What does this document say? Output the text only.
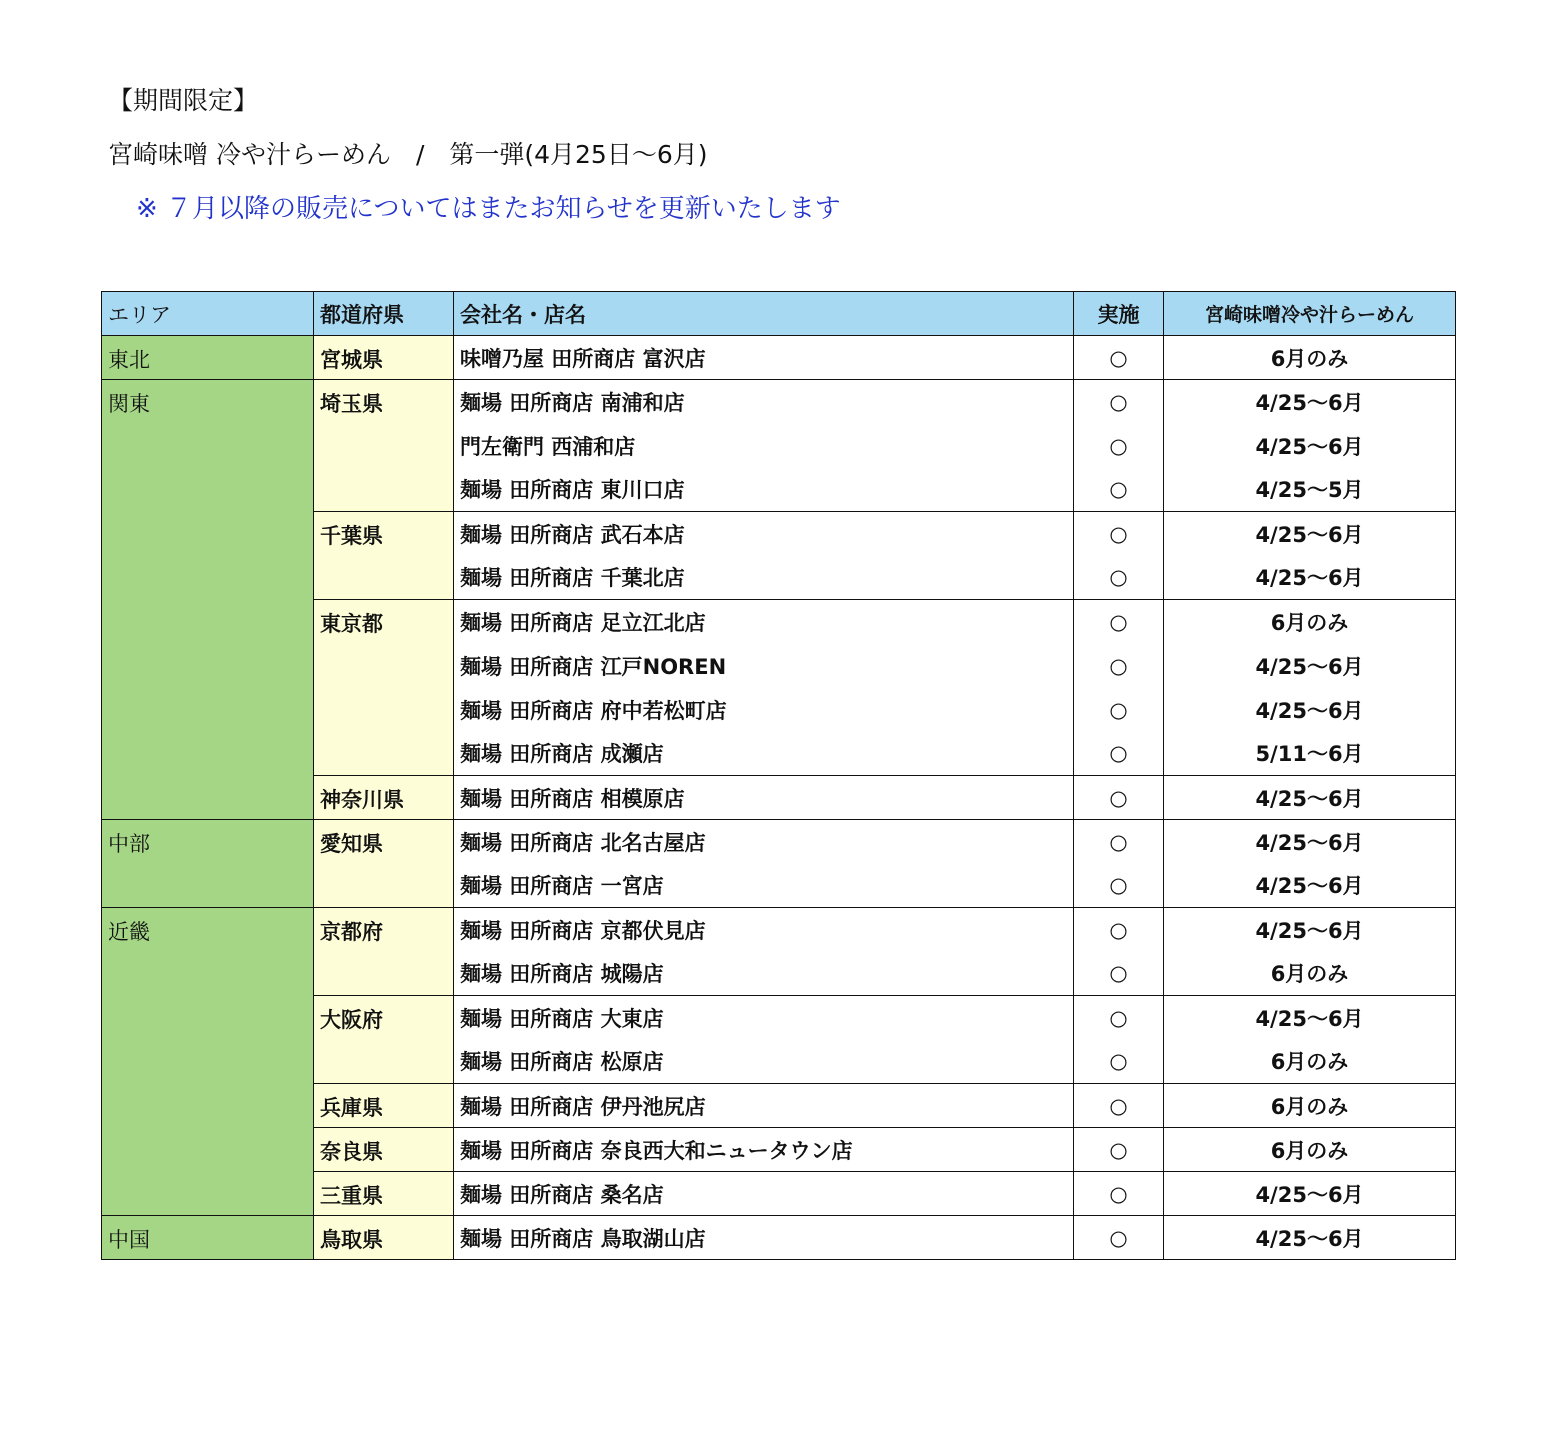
【期間限定】
宮崎味噌 冷や汁らーめん　/　第一弾(4月25日〜6月)
※ ７月以降の販売についてはまたお知らせを更新いたします
エリア	都道府県	会社名・店名	実施	宮崎味噌冷や汁らーめん
東北	宮城県	味噌乃屋 田所商店 富沢店	○	6月のみ
関東	埼玉県	麺場 田所商店 南浦和店	○	4/25〜6月
		門左衛門 西浦和店	○	4/25〜6月
		麺場 田所商店 東川口店	○	4/25〜5月
	千葉県	麺場 田所商店 武石本店	○	4/25〜6月
		麺場 田所商店 千葉北店	○	4/25〜6月
	東京都	麺場 田所商店 足立江北店	○	6月のみ
		麺場 田所商店 江戸NOREN	○	4/25〜6月
		麺場 田所商店 府中若松町店	○	4/25〜6月
		麺場 田所商店 成瀬店	○	5/11〜6月
	神奈川県	麺場 田所商店 相模原店	○	4/25〜6月
中部	愛知県	麺場 田所商店 北名古屋店	○	4/25〜6月
		麺場 田所商店 一宮店	○	4/25〜6月
近畿	京都府	麺場 田所商店 京都伏見店	○	4/25〜6月
		麺場 田所商店 城陽店	○	6月のみ
	大阪府	麺場 田所商店 大東店	○	4/25〜6月
		麺場 田所商店 松原店	○	6月のみ
	兵庫県	麺場 田所商店 伊丹池尻店	○	6月のみ
	奈良県	麺場 田所商店 奈良西大和ニュータウン店	○	6月のみ
	三重県	麺場 田所商店 桑名店	○	4/25〜6月
中国	鳥取県	麺場 田所商店 鳥取湖山店	○	4/25〜6月
